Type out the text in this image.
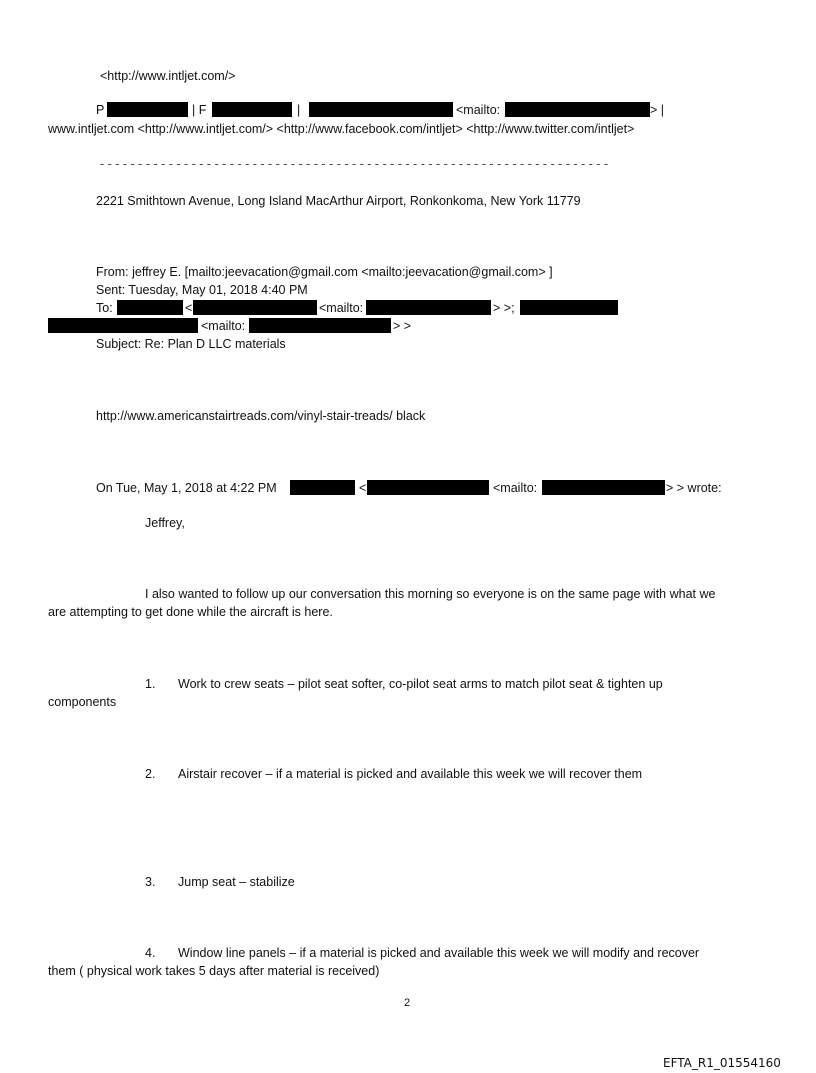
<http://www.intljet.com/>
P	| F	|	<mailto:	> |
www.intljet.com <http://www.intljet.com/> <http://www.facebook.com/intljet> <http://www.twitter.com/intljet>
- - - - - - - - - - - - - - - - - - - - - - - - - - - - - - - - - - - - - - - - - - - - - - - - - - - - - - - - - - - - - - - - - - -
2221 Smithtown Avenue, Long Island MacArthur Airport, Ronkonkoma, New York 11779
From: jeffrey E. [mailto:jeevacation@gmail.com <mailto:jeevacation@gmail.com> ]
Sent: Tuesday, May 01, 2018 4:40 PM
To:	<	<mailto:	> >;
<mailto:	> >
Subject: Re: Plan D LLC materials
http://www.americanstairtreads.com/vinyl-stair-treads/ black
On Tue, May 1, 2018 at 4:22 PM	<	<mailto:	> > wrote:
Jeffrey,
I also wanted to follow up our conversation this morning so everyone is on the same page with what we
are attempting to get done while the aircraft is here.
1. Work to crew seats – pilot seat softer, co-pilot seat arms to match pilot seat & tighten up
components
2. Airstair recover – if a material is picked and available this week we will recover them
3. Jump seat – stabilize
4. Window line panels – if a material is picked and available this week we will modify and recover
them ( physical work takes 5 days after material is received)
2
EFTA_R1_01554160
